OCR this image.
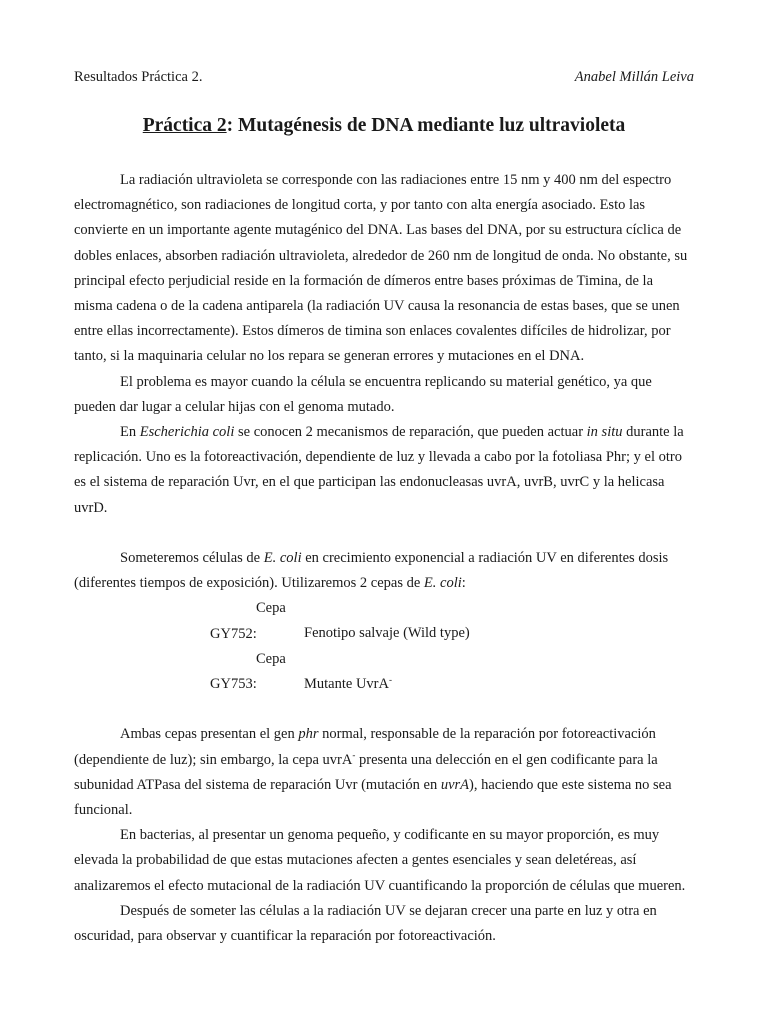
Resultados Práctica 2.	Anabel Millán Leiva
Práctica 2: Mutagénesis de DNA mediante luz ultravioleta

La radiación ultravioleta se corresponde con las radiaciones entre 15 nm y 400 nm del espectro electromagnético, son radiaciones de longitud corta, y por tanto con alta energía asociado. Esto las convierte en un importante agente mutagénico del DNA. Las bases del DNA, por su estructura cíclica de dobles enlaces, absorben radiación ultravioleta, alrededor de 260 nm de longitud de onda. No obstante, su principal efecto perjudicial reside en la formación de dímeros entre bases próximas de Timina, de la misma cadena o de la cadena antiparela (la radiación UV causa la resonancia de estas bases, que se unen entre ellas incorrectamente). Estos dímeros de timina son enlaces covalentes difíciles de hidrolizar, por tanto, si la maquinaria celular no los repara se generan errores y mutaciones en el DNA.

El problema es mayor cuando la célula se encuentra replicando su material genético, ya que pueden dar lugar a celular hijas con el genoma mutado.

En Escherichia coli se conocen 2 mecanismos de reparación, que pueden actuar in situ durante la replicación. Uno es la fotoreactivación, dependiente de luz y llevada a cabo por la fotoliasa Phr; y el otro es el sistema de reparación Uvr, en el que participan las endonucleasas uvrA, uvrB, uvrC y la helicasa uvrD.

Someteremos células de E. coli en crecimiento exponencial a radiación UV en diferentes dosis (diferentes tiempos de exposición). Utilizaremos 2 cepas de E. coli:

Cepa GY752:	Fenotipo salvaje (Wild type)

Cepa GY753:	Mutante UvrA-

Ambas cepas presentan el gen phr normal, responsable de la reparación por fotoreactivación (dependiente de luz); sin embargo, la cepa uvrA- presenta una delección en el gen codificante para la subunidad ATPasa del sistema de reparación Uvr (mutación en uvrA), haciendo que este sistema no sea funcional.

En bacterias, al presentar un genoma pequeño, y codificante en su mayor proporción, es muy elevada la probabilidad de que estas mutaciones afecten a gentes esenciales y sean deletéreas, así analizaremos el efecto mutacional de la radiación UV cuantificando la proporción de células que mueren.

Después de someter las células a la radiación UV se dejaran crecer una parte en luz y otra en oscuridad, para observar y cuantificar la reparación por fotoreactivación.
